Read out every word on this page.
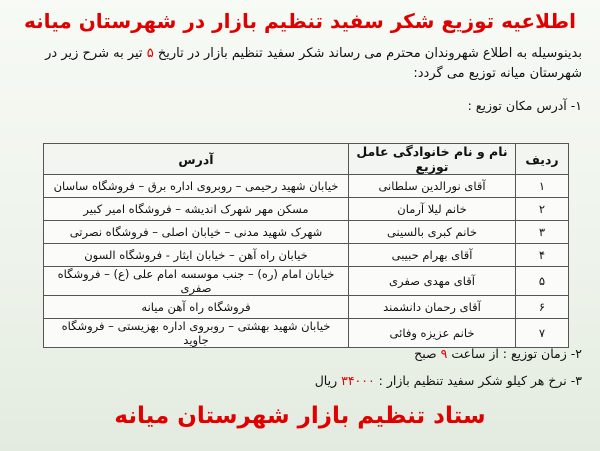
اطلاعیه توزیع شکر سفید تنظیم بازار در شهرستان میانه
بدینوسیله به اطلاع شهروندان محترم می رساند شکر سفید تنظیم بازار در تاریخ ۵ تیر به شرح زیر در شهرستان میانه توزیع می گردد:
۱- آدرس مکان توزیع :
ردیف	نام و نام خانوادگی عامل توزیع	آدرس
۱	آقای نورالدین سلطانی	خیابان شهید رحیمی – روبروی اداره برق – فروشگاه ساسان
۲	خانم لیلا آرمان	مسکن مهر شهرک اندیشه – فروشگاه امیر کبیر
۳	خانم کبری بالسینی	شهرک شهید مدنی – خیابان اصلی – فروشگاه نصرتی
۴	آقای بهرام حبیبی	خیابان راه آهن – خیابان ایثار - فروشگاه السون
۵	آقای مهدی صفری	خیابان امام (ره) – جنب موسسه امام علی (ع) – فروشگاه صفری
۶	آقای رحمان دانشمند	فروشگاه راه آهن میانه
۷	خانم عزیزه وفائی	خیابان شهید بهشتی – روبروی اداره بهزیستی – فروشگاه جاوید
۲- زمان توزیع : از ساعت ۹ صبح
۳- نرخ هر کیلو شکر سفید تنظیم بازار : ۳۴۰۰۰ ریال
ستاد تنظیم بازار شهرستان میانه
